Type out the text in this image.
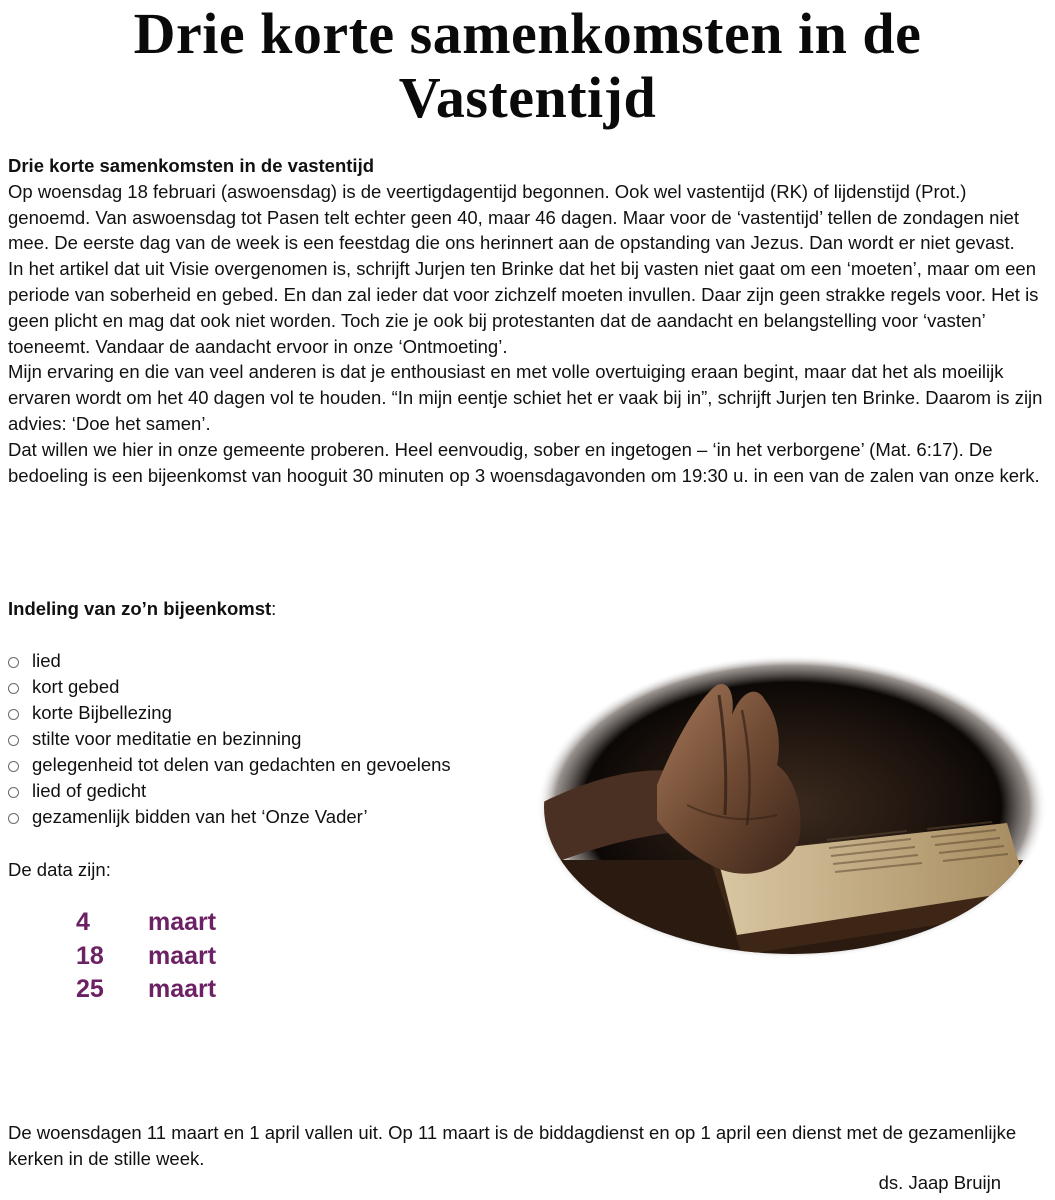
Drie korte samenkomsten in de Vastentijd

Drie korte samenkomsten in de vastentijd

Op woensdag 18 februari (aswoensdag) is de veertigdagentijd begonnen. Ook wel vastentijd (RK) of lijdenstijd (Prot.) genoemd. Van aswoensdag tot Pasen telt echter geen 40, maar 46 dagen. Maar voor de ‘vastentijd’ tellen de zondagen niet mee. De eerste dag van de week is een feestdag die ons herinnert aan de opstanding van Jezus. Dan wordt er niet gevast.

In het artikel dat uit Visie overgenomen is, schrijft Jurjen ten Brinke dat het bij vasten niet gaat om een ‘moeten’, maar om een periode van soberheid en gebed. En dan zal ieder dat voor zichzelf moeten invullen. Daar zijn geen strakke regels voor. Het is geen plicht en mag dat ook niet worden. Toch zie je ook bij protestanten dat de aandacht en belangstelling voor ‘vasten’ toeneemt. Vandaar de aandacht ervoor in onze ‘Ontmoeting’.

Mijn ervaring en die van veel anderen is dat je enthousiast en met volle overtuiging eraan begint, maar dat het als moeilijk ervaren wordt om het 40 dagen vol te houden. “In mijn eentje schiet het er vaak bij in”, schrijft Jurjen ten Brinke. Daarom is zijn advies: ‘Doe het samen’.

Dat willen we hier in onze gemeente proberen. Heel eenvoudig, sober en ingetogen – ‘in het verborgene’ (Mat. 6:17). De bedoeling is een bijeenkomst van hooguit 30 minuten op 3 woensdagavonden om 19:30 u. in een van de zalen van onze kerk.

Indeling van zo’n bijeenkomst:
lied
kort gebed
korte Bijbellezing
stilte voor meditatie en bezinning
gelegenheid tot delen van gedachten en gevoelens
lied of gedicht
gezamenlijk bidden van het ‘Onze Vader’
De data zijn:
4	maart
18	maart
25	maart
De woensdagen 11 maart en 1 april vallen uit. Op 11 maart is de biddagdienst en op 1 april een dienst met de gezamenlijke kerken in de stille week.
ds. Jaap Bruijn
